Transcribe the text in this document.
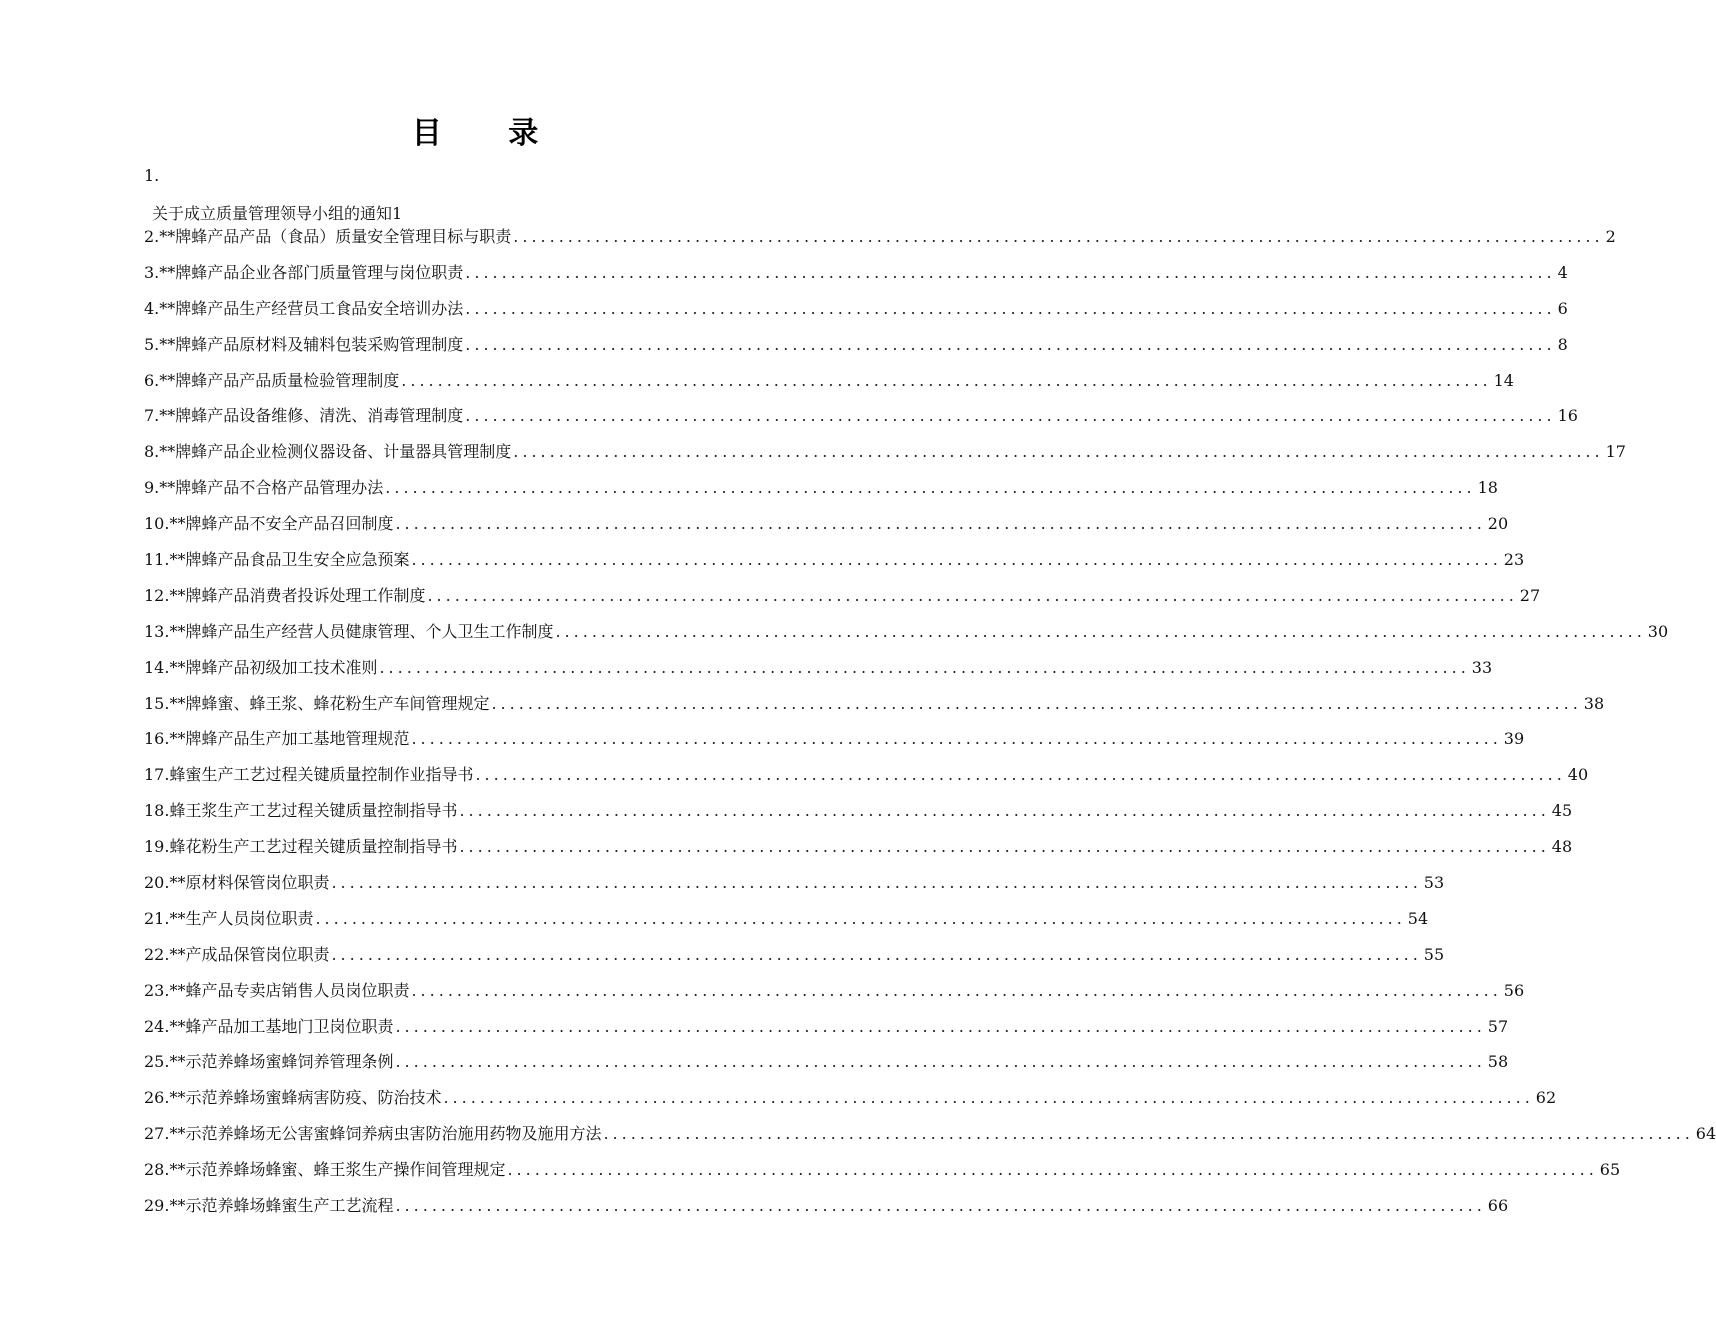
目 录
1.
关于成立质量管理领导小组的通知1
2. **牌蜂产品产品（食品）质量安全管理目标与职责 ........................................................................................................................ 2
3. **牌蜂产品企业各部门质量管理与岗位职责 ........................................................................................................................ 4
4. **牌蜂产品生产经营员工食品安全培训办法 ........................................................................................................................ 6
5. **牌蜂产品原材料及辅料包装采购管理制度 ........................................................................................................................ 8
6. **牌蜂产品产品质量检验管理制度 ........................................................................................................................ 14
7. **牌蜂产品设备维修、清洗、消毒管理制度 ........................................................................................................................ 16
8. **牌蜂产品企业检测仪器设备、计量器具管理制度 ........................................................................................................................ 17
9. **牌蜂产品不合格产品管理办法 ........................................................................................................................ 18
10. **牌蜂产品不安全产品召回制度 ........................................................................................................................ 20
11. **牌蜂产品食品卫生安全应急预案 ........................................................................................................................ 23
12. **牌蜂产品消费者投诉处理工作制度 ........................................................................................................................ 27
13. **牌蜂产品生产经营人员健康管理、个人卫生工作制度 ........................................................................................................................ 30
14. **牌蜂产品初级加工技术准则 ........................................................................................................................ 33
15. **牌蜂蜜、蜂王浆、蜂花粉生产车间管理规定 ........................................................................................................................ 38
16. **牌蜂产品生产加工基地管理规范 ........................................................................................................................ 39
17. 蜂蜜生产工艺过程关键质量控制作业指导书 ........................................................................................................................ 40
18. 蜂王浆生产工艺过程关键质量控制指导书 ........................................................................................................................ 45
19. 蜂花粉生产工艺过程关键质量控制指导书 ........................................................................................................................ 48
20. **原材料保管岗位职责 ........................................................................................................................ 53
21. **生产人员岗位职责 ........................................................................................................................ 54
22. **产成品保管岗位职责 ........................................................................................................................ 55
23. **蜂产品专卖店销售人员岗位职责 ........................................................................................................................ 56
24. **蜂产品加工基地门卫岗位职责 ........................................................................................................................ 57
25. **示范养蜂场蜜蜂饲养管理条例 ........................................................................................................................ 58
26. **示范养蜂场蜜蜂病害防疫、防治技术 ........................................................................................................................ 62
27. **示范养蜂场无公害蜜蜂饲养病虫害防治施用药物及施用方法 ........................................................................................................................ 64
28. **示范养蜂场蜂蜜、蜂王浆生产操作间管理规定 ........................................................................................................................ 65
29. **示范养蜂场蜂蜜生产工艺流程 ........................................................................................................................ 66
